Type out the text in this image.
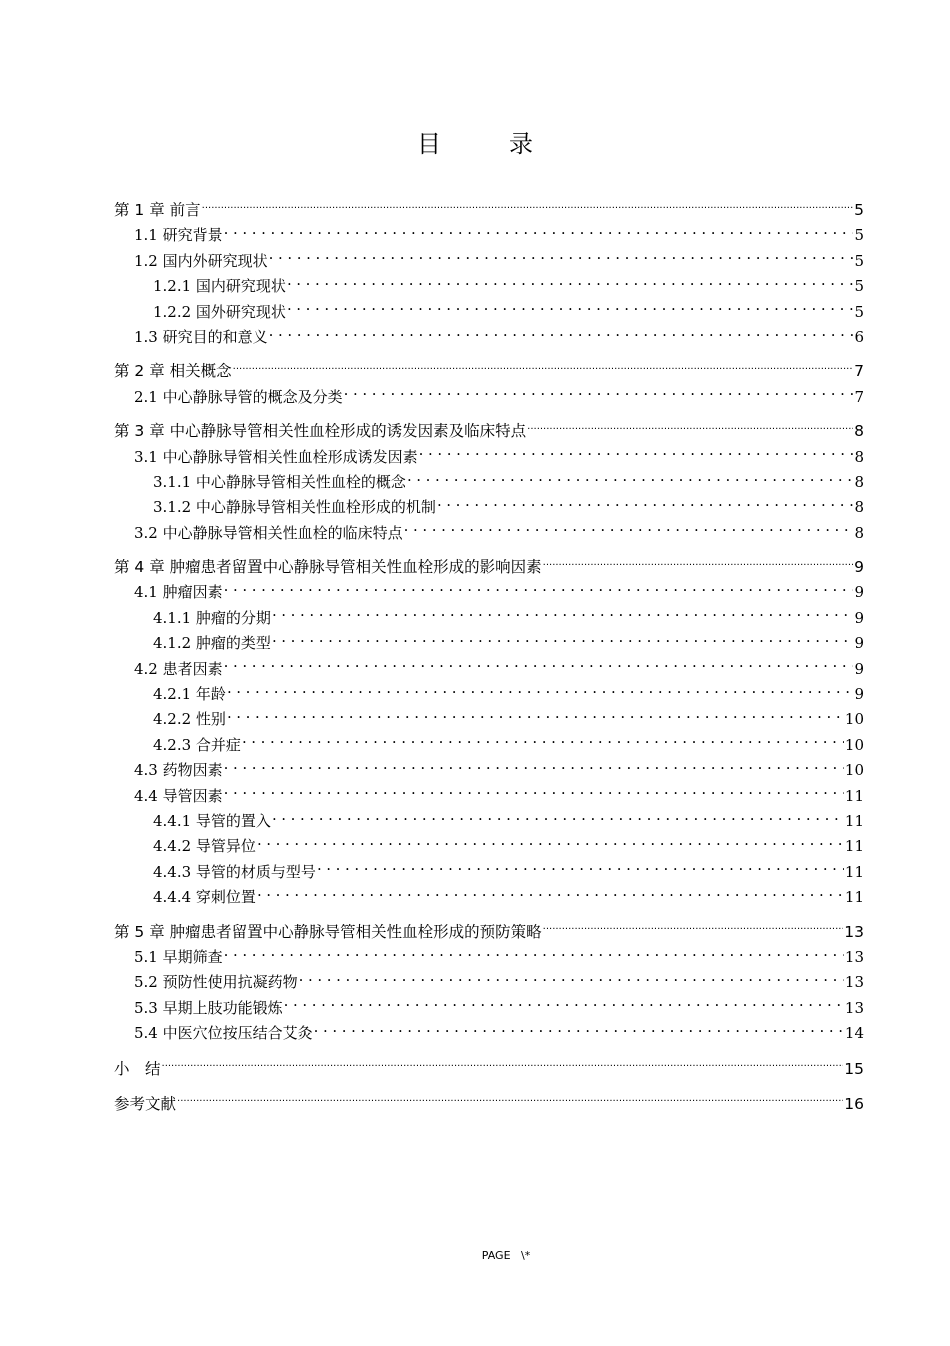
目　录
第 1 章 前言 .....	5
1.1 研究背景 .....	5
1.2 国内外研究现状 .....	5
1.2.1 国内研究现状 .....	5
1.2.2 国外研究现状 .....	5
1.3 研究目的和意义 .....	6
第 2 章 相关概念 .....	7
2.1 中心静脉导管的概念及分类 .....	7
第 3 章 中心静脉导管相关性血栓形成的诱发因素及临床特点 .....	8
3.1 中心静脉导管相关性血栓形成诱发因素 .....	8
3.1.1 中心静脉导管相关性血栓的概念 .....	8
3.1.2 中心静脉导管相关性血栓形成的机制 .....	8
3.2 中心静脉导管相关性血栓的临床特点 .....	8
第 4 章 肿瘤患者留置中心静脉导管相关性血栓形成的影响因素 .....	9
4.1 肿瘤因素 .....	9
4.1.1 肿瘤的分期 .....	9
4.1.2 肿瘤的类型 .....	9
4.2 患者因素 .....	9
4.2.1 年龄 .....	9
4.2.2 性别 .....	10
4.2.3 合并症 .....	10
4.3 药物因素 .....	10
4.4 导管因素 .....	11
4.4.1 导管的置入 .....	11
4.4.2 导管异位 .....	11
4.4.3 导管的材质与型号 .....	11
4.4.4 穿刺位置 .....	11
第 5 章 肿瘤患者留置中心静脉导管相关性血栓形成的预防策略 .....	13
5.1 早期筛查 .....	13
5.2 预防性使用抗凝药物 .....	13
5.3 早期上肢功能锻炼 .....	13
5.4 中医穴位按压结合艾灸 .....	14
小　结 .....	15
参考文献 .....	16
PAGE   \*
